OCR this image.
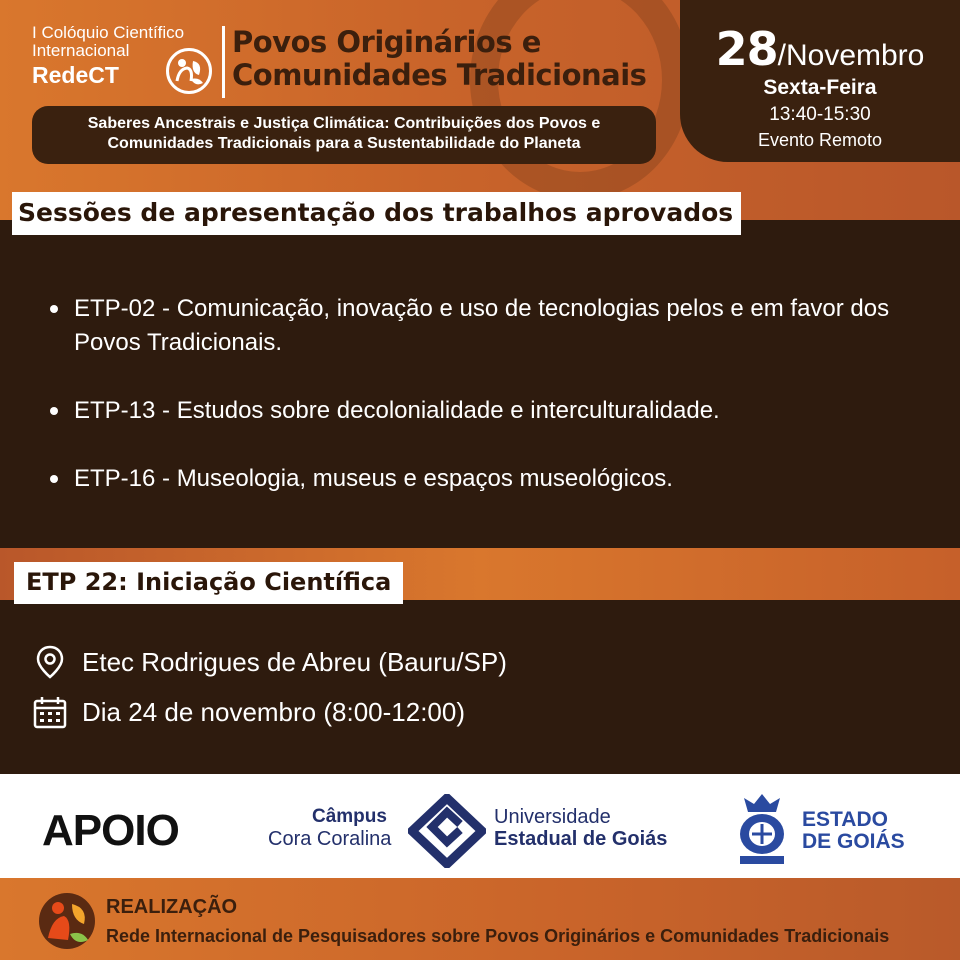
I Colóquio Científico
Internacional
RedeCT
Povos Originários e
Comunidades Tradicionais
Saberes Ancestrais e Justiça Climática: Contribuições dos Povos e
Comunidades Tradicionais para a Sustentabilidade do Planeta
28/Novembro
Sexta-Feira
13:40-15:30
Evento Remoto
Sessões de apresentação dos trabalhos aprovados
ETP-02 - Comunicação, inovação e uso de tecnologias pelos e em favor dos Povos Tradicionais.
ETP-13 - Estudos sobre decolonialidade e interculturalidade.
ETP-16 - Museologia, museus e espaços museológicos.
ETP 22: Iniciação Científica
Etec Rodrigues de Abreu (Bauru/SP)
Dia 24 de novembro (8:00-12:00)
APOIO	Câmpus
Cora Coralina
Universidade
Estadual de Goiás
ESTADO
DE GOIÁS
REALIZAÇÃO
Rede Internacional de Pesquisadores sobre Povos Originários e Comunidades Tradicionais
